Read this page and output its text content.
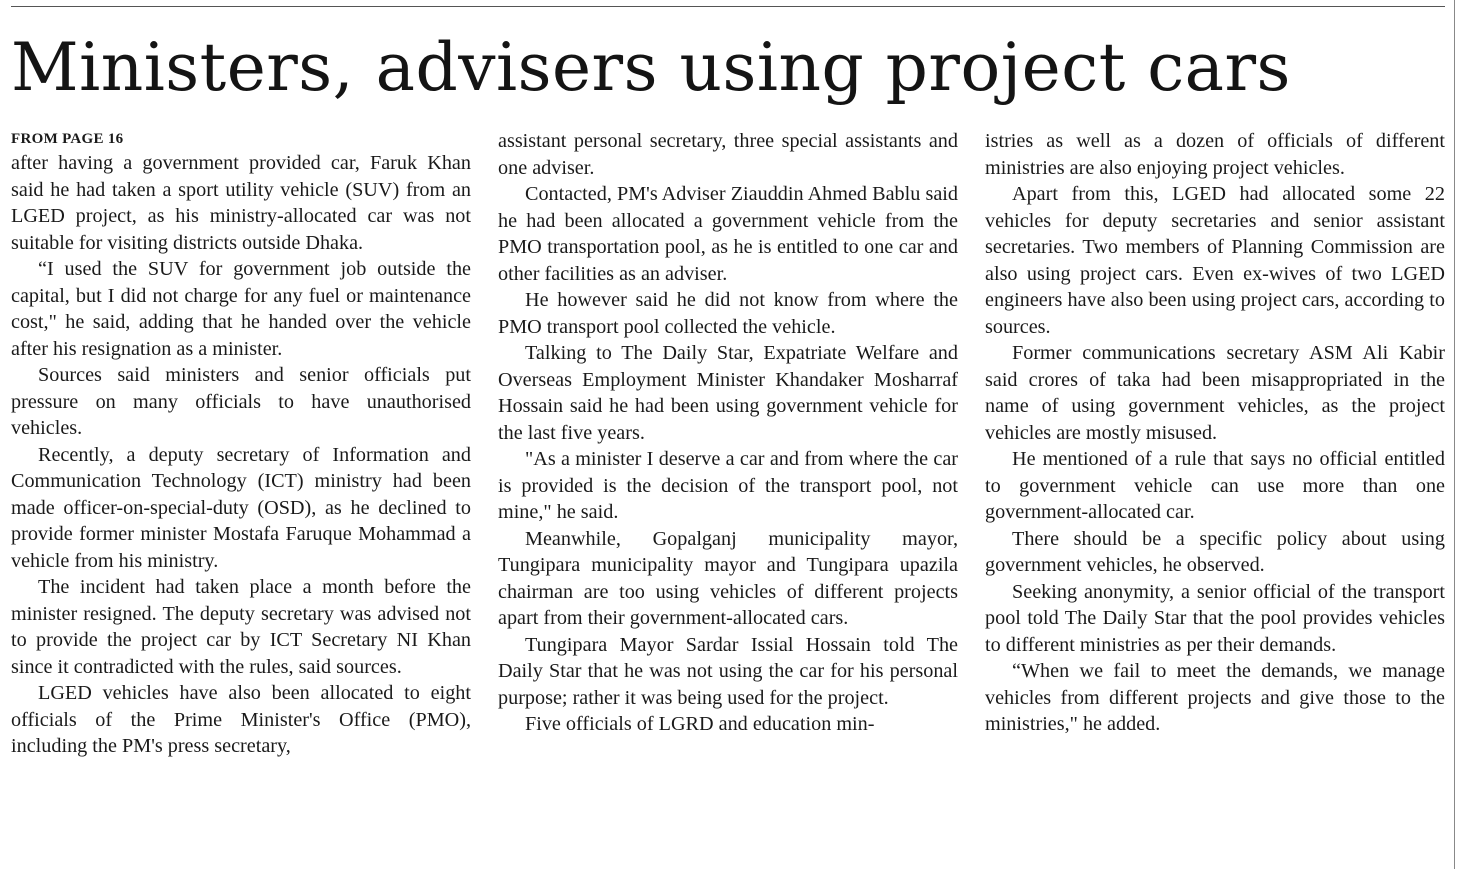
Ministers, advisers using project cars
FROM PAGE 16

after having a government provided car, Faruk Khan said he had taken a sport utility vehicle (SUV) from an LGED project, as his ministry-allocated car was not suitable for visiting districts outside Dhaka.

“I used the SUV for government job outside the capital, but I did not charge for any fuel or maintenance cost," he said, adding that he handed over the vehicle after his resignation as a minister.

Sources said ministers and senior officials put pressure on many officials to have unauthorised vehicles.

Recently, a deputy secretary of Information and Communication Technology (ICT) ministry had been made officer-on-special-duty (OSD), as he declined to provide former minister Mostafa Faruque Mohammad a vehicle from his ministry.

The incident had taken place a month before the minister resigned. The deputy secretary was advised not to provide the project car by ICT Secretary NI Khan since it contradicted with the rules, said sources.

LGED vehicles have also been allocated to eight officials of the Prime Minister's Office (PMO), including the PM's press secretary,

assistant personal secretary, three special assistants and one adviser.

Contacted, PM's Adviser Ziauddin Ahmed Bablu said he had been allocated a government vehicle from the PMO transportation pool, as he is entitled to one car and other facilities as an adviser.

He however said he did not know from where the PMO transport pool collected the vehicle.

Talking to The Daily Star, Expatriate Welfare and Overseas Employment Minister Khandaker Mosharraf Hossain said he had been using government vehicle for the last five years.

"As a minister I deserve a car and from where the car is provided is the decision of the transport pool, not mine," he said.

Meanwhile, Gopalganj municipality mayor, Tungipara municipality mayor and Tungipara upazila chairman are too using vehicles of different projects apart from their government-allocated cars.

Tungipara Mayor Sardar Issial Hossain told The Daily Star that he was not using the car for his personal purpose; rather it was being used for the project.

Five officials of LGRD and education min-

istries as well as a dozen of officials of different ministries are also enjoying project vehicles.

Apart from this, LGED had allocated some 22 vehicles for deputy secretaries and senior assistant secretaries. Two members of Planning Commission are also using project cars. Even ex-wives of two LGED engineers have also been using project cars, according to sources.

Former communications secretary ASM Ali Kabir said crores of taka had been misappropriated in the name of using government vehicles, as the project vehicles are mostly misused.

He mentioned of a rule that says no official entitled to government vehicle can use more than one government-allocated car.

There should be a specific policy about using government vehicles, he observed.

Seeking anonymity, a senior official of the transport pool told The Daily Star that the pool provides vehicles to different ministries as per their demands.

“When we fail to meet the demands, we manage vehicles from different projects and give those to the ministries," he added.
